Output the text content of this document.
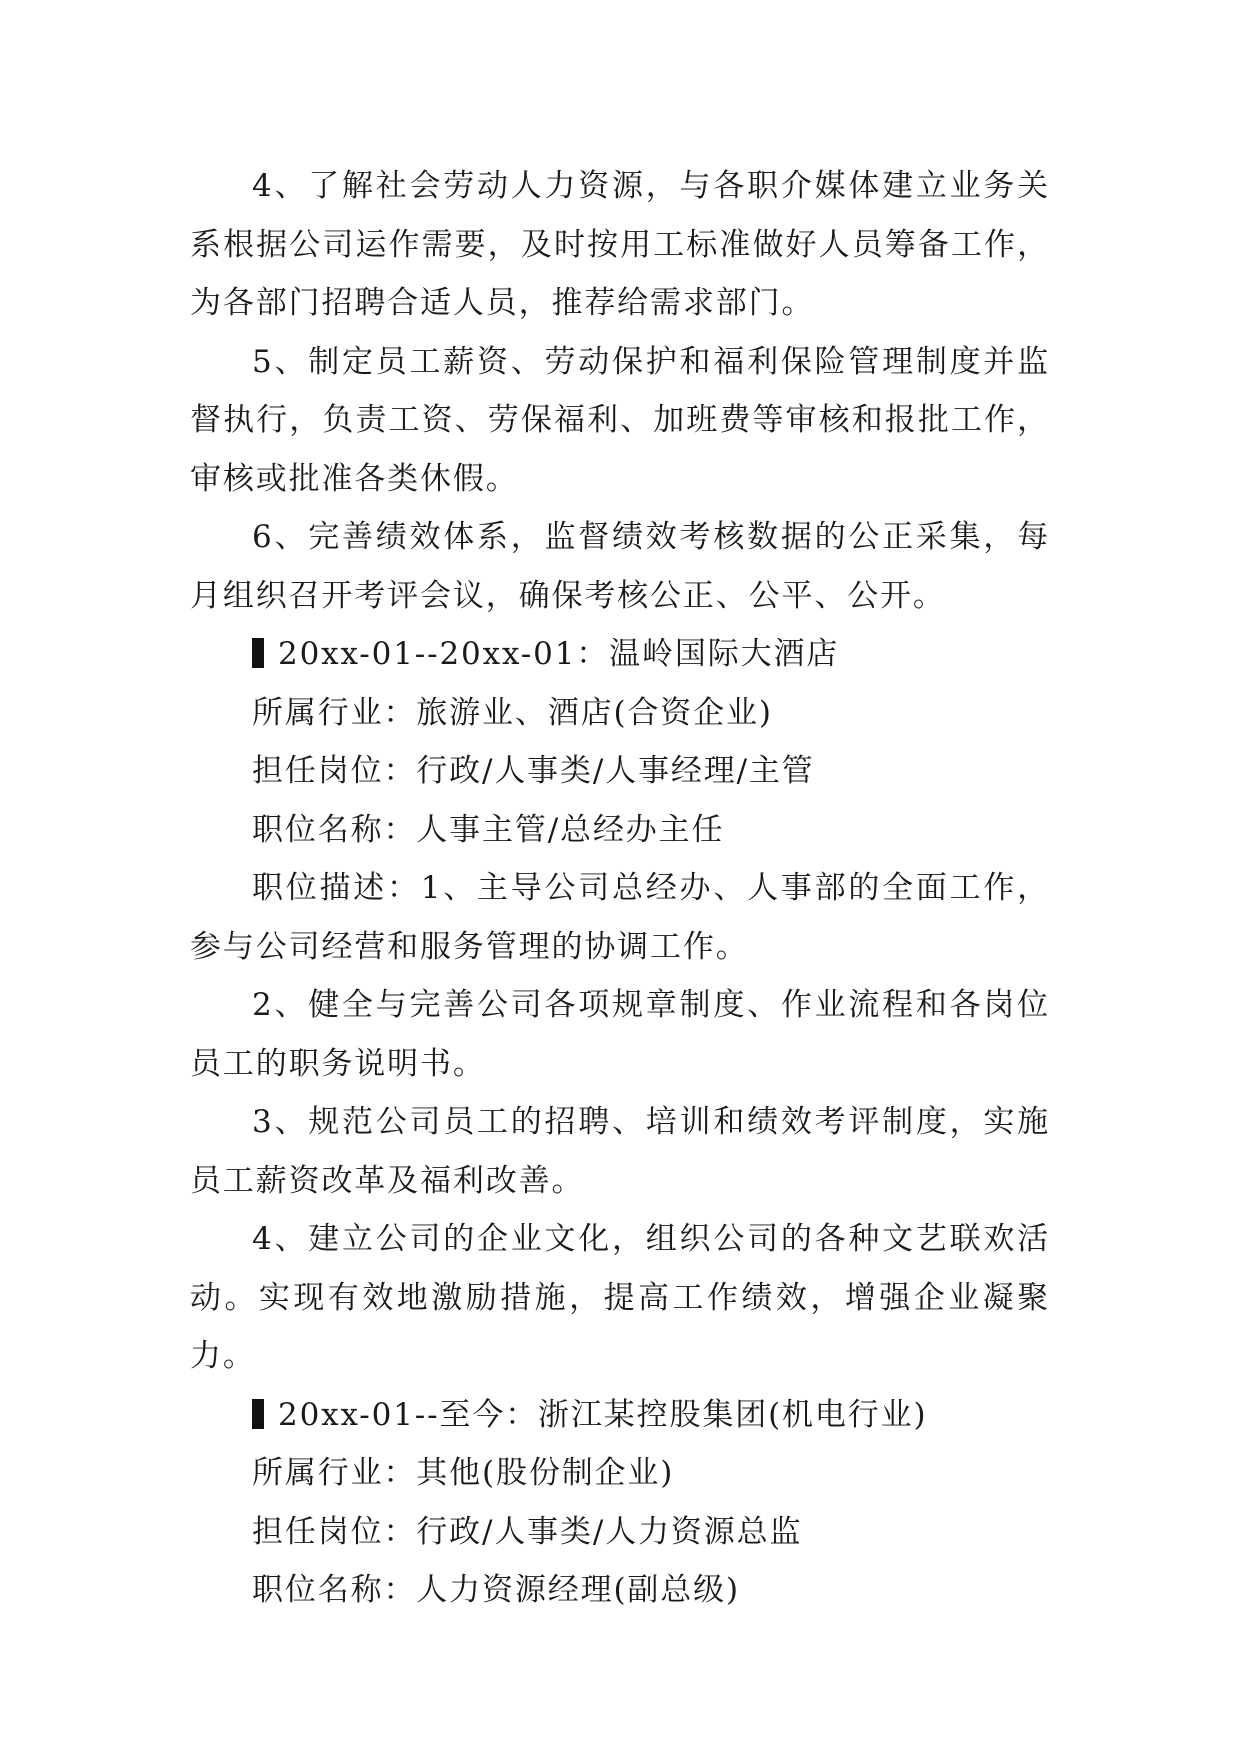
4、了解社会劳动人力资源，与各职介媒体建立业务关系根据公司运作需要，及时按用工标准做好人员筹备工作，为各部门招聘合适人员，推荐给需求部门。

5、制定员工薪资、劳动保护和福利保险管理制度并监督执行，负责工资、劳保福利、加班费等审核和报批工作，审核或批准各类休假。

6、完善绩效体系，监督绩效考核数据的公正采集，每月组织召开考评会议，确保考核公正、公平、公开。

20xx-01--20xx-01：温岭国际大酒店

所属行业：旅游业、酒店(合资企业)

担任岗位：行政/人事类/人事经理/主管

职位名称：人事主管/总经办主任

职位描述：1、主导公司总经办、人事部的全面工作，参与公司经营和服务管理的协调工作。

2、健全与完善公司各项规章制度、作业流程和各岗位员工的职务说明书。

3、规范公司员工的招聘、培训和绩效考评制度，实施员工薪资改革及福利改善。

4、建立公司的企业文化，组织公司的各种文艺联欢活动。实现有效地激励措施，提高工作绩效，增强企业凝聚力。

20xx-01--至今：浙江某控股集团(机电行业)

所属行业：其他(股份制企业)

担任岗位：行政/人事类/人力资源总监

职位名称：人力资源经理(副总级)
